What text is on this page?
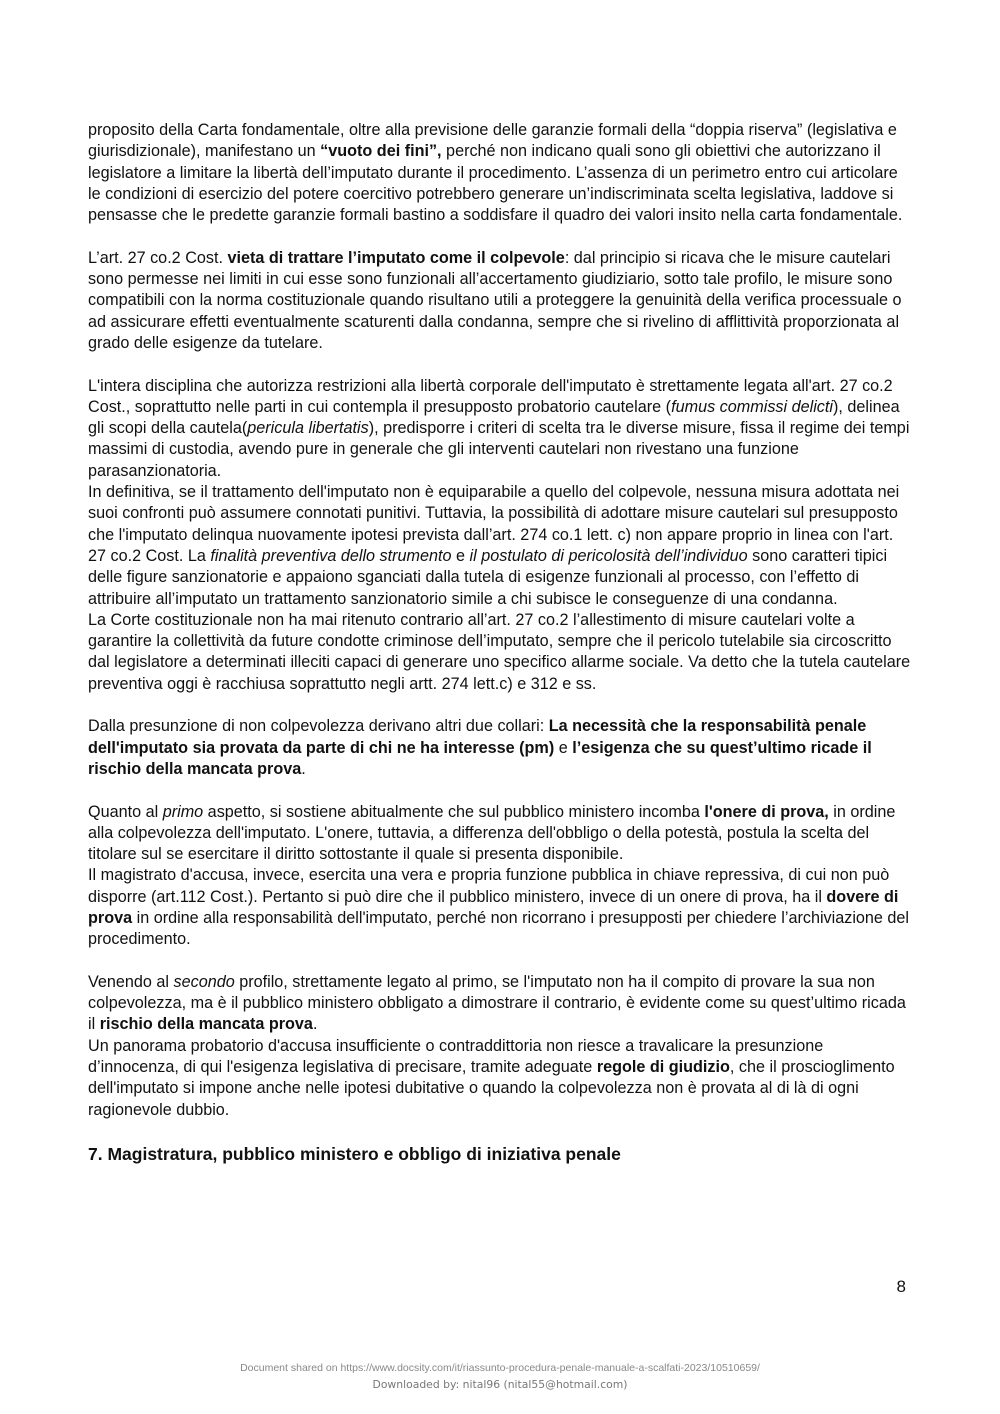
proposito della Carta fondamentale, oltre alla previsione delle garanzie formali della “doppia riserva” (legislativa e giurisdizionale), manifestano un “vuoto dei fini”, perché non indicano quali sono gli obiettivi che autorizzano il legislatore a limitare la libertà dell’imputato durante il procedimento. L’assenza di un perimetro entro cui articolare le condizioni di esercizio del potere coercitivo potrebbero generare un’indiscriminata scelta legislativa, laddove si pensasse che le predette garanzie formali bastino a soddisfare il quadro dei valori insito nella carta fondamentale.

L’art. 27 co.2 Cost. vieta di trattare l’imputato come il colpevole: dal principio si ricava che le misure cautelari sono permesse nei limiti in cui esse sono funzionali all’accertamento giudiziario, sotto tale profilo, le misure sono compatibili con la norma costituzionale quando risultano utili a proteggere la genuinità della verifica processuale o ad assicurare effetti eventualmente scaturenti dalla condanna, sempre che si rivelino di afflittività proporzionata al grado delle esigenze da tutelare.

L'intera disciplina che autorizza restrizioni alla libertà corporale dell'imputato è strettamente legata all'art. 27 co.2 Cost., soprattutto nelle parti in cui contempla il presupposto probatorio cautelare (fumus commissi delicti), delinea gli scopi della cautela(pericula libertatis), predisporre i criteri di scelta tra le diverse misure, fissa il regime dei tempi massimi di custodia, avendo pure in generale che gli interventi cautelari non rivestano una funzione parasanzionatoria.

In definitiva, se il trattamento dell'imputato non è equiparabile a quello del colpevole, nessuna misura adottata nei suoi confronti può assumere connotati punitivi. Tuttavia, la possibilità di adottare misure cautelari sul presupposto che l'imputato delinqua nuovamente ipotesi prevista dall’art. 274 co.1 lett. c) non appare proprio in linea con l'art. 27 co.2 Cost. La finalità preventiva dello strumento e il postulato di pericolosità dell’individuo sono caratteri tipici delle figure sanzionatorie e appaiono sganciati dalla tutela di esigenze funzionali al processo, con l’effetto di attribuire all’imputato un trattamento sanzionatorio simile a chi subisce le conseguenze di una condanna.

La Corte costituzionale non ha mai ritenuto contrario all’art. 27 co.2 l’allestimento di misure cautelari volte a garantire la collettività da future condotte criminose dell’imputato, sempre che il pericolo tutelabile sia circoscritto dal legislatore a determinati illeciti capaci di generare uno specifico allarme sociale. Va detto che la tutela cautelare preventiva oggi è racchiusa soprattutto negli artt. 274 lett.c) e 312 e ss.

Dalla presunzione di non colpevolezza derivano altri due collari: La necessità che la responsabilità penale dell'imputato sia provata da parte di chi ne ha interesse (pm) e l’esigenza che su quest’ultimo ricade il rischio della mancata prova.

Quanto al primo aspetto, si sostiene abitualmente che sul pubblico ministero incomba l'onere di prova, in ordine alla colpevolezza dell'imputato. L'onere, tuttavia, a differenza dell'obbligo o della potestà, postula la scelta del titolare sul se esercitare il diritto sottostante il quale si presenta disponibile.

Il magistrato d'accusa, invece, esercita una vera e propria funzione pubblica in chiave repressiva, di cui non può disporre (art.112 Cost.). Pertanto si può dire che il pubblico ministero, invece di un onere di prova, ha il dovere di prova in ordine alla responsabilità dell'imputato, perché non ricorrano i presupposti per chiedere l’archiviazione del procedimento.

Venendo al secondo profilo, strettamente legato al primo, se l'imputato non ha il compito di provare la sua non colpevolezza, ma è il pubblico ministero obbligato a dimostrare il contrario, è evidente come su quest’ultimo ricada il rischio della mancata prova.

Un panorama probatorio d'accusa insufficiente o contraddittoria non riesce a travalicare la presunzione d’innocenza, di qui l'esigenza legislativa di precisare, tramite adeguate regole di giudizio, che il proscioglimento dell'imputato si impone anche nelle ipotesi dubitative o quando la colpevolezza non è provata al di là di ogni ragionevole dubbio.

7. Magistratura, pubblico ministero e obbligo di iniziativa penale
8
Document shared on https://www.docsity.com/it/riassunto-procedura-penale-manuale-a-scalfati-2023/10510659/
Downloaded by: nital96 (nital55@hotmail.com)
